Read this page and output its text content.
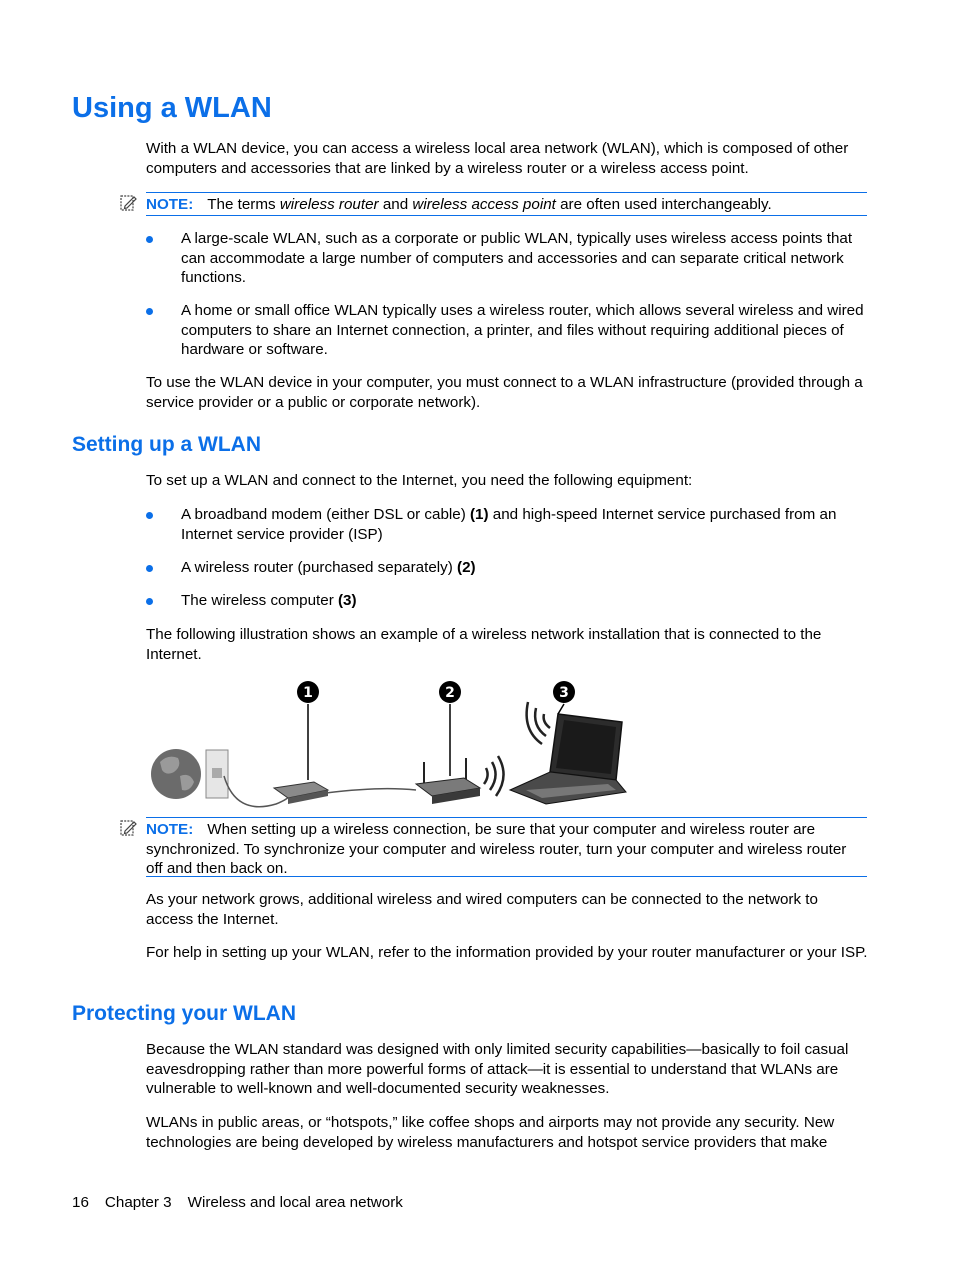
Using a WLAN

With a WLAN device, you can access a wireless local area network (WLAN), which is composed of other computers and accessories that are linked by a wireless router or a wireless access point.

NOTE: The terms wireless router and wireless access point are often used interchangeably.

A large-scale WLAN, such as a corporate or public WLAN, typically uses wireless access points that can accommodate a large number of computers and accessories and can separate critical network functions.

A home or small office WLAN typically uses a wireless router, which allows several wireless and wired computers to share an Internet connection, a printer, and files without requiring additional pieces of hardware or software.

To use the WLAN device in your computer, you must connect to a WLAN infrastructure (provided through a service provider or a public or corporate network).

Setting up a WLAN

To set up a WLAN and connect to the Internet, you need the following equipment:

A broadband modem (either DSL or cable) (1) and high-speed Internet service purchased from an Internet service provider (ISP)

A wireless router (purchased separately) (2)

The wireless computer (3)

The following illustration shows an example of a wireless network installation that is connected to the Internet.

1	2	3
NOTE: When setting up a wireless connection, be sure that your computer and wireless router are synchronized. To synchronize your computer and wireless router, turn your computer and wireless router off and then back on.

As your network grows, additional wireless and wired computers can be connected to the network to access the Internet.

For help in setting up your WLAN, refer to the information provided by your router manufacturer or your ISP.

Protecting your WLAN

Because the WLAN standard was designed with only limited security capabilities—basically to foil casual eavesdropping rather than more powerful forms of attack—it is essential to understand that WLANs are vulnerable to well-known and well-documented security weaknesses.

WLANs in public areas, or “hotspots,” like coffee shops and airports may not provide any security. New technologies are being developed by wireless manufacturers and hotspot service providers that make

16 Chapter 3 Wireless and local area network
